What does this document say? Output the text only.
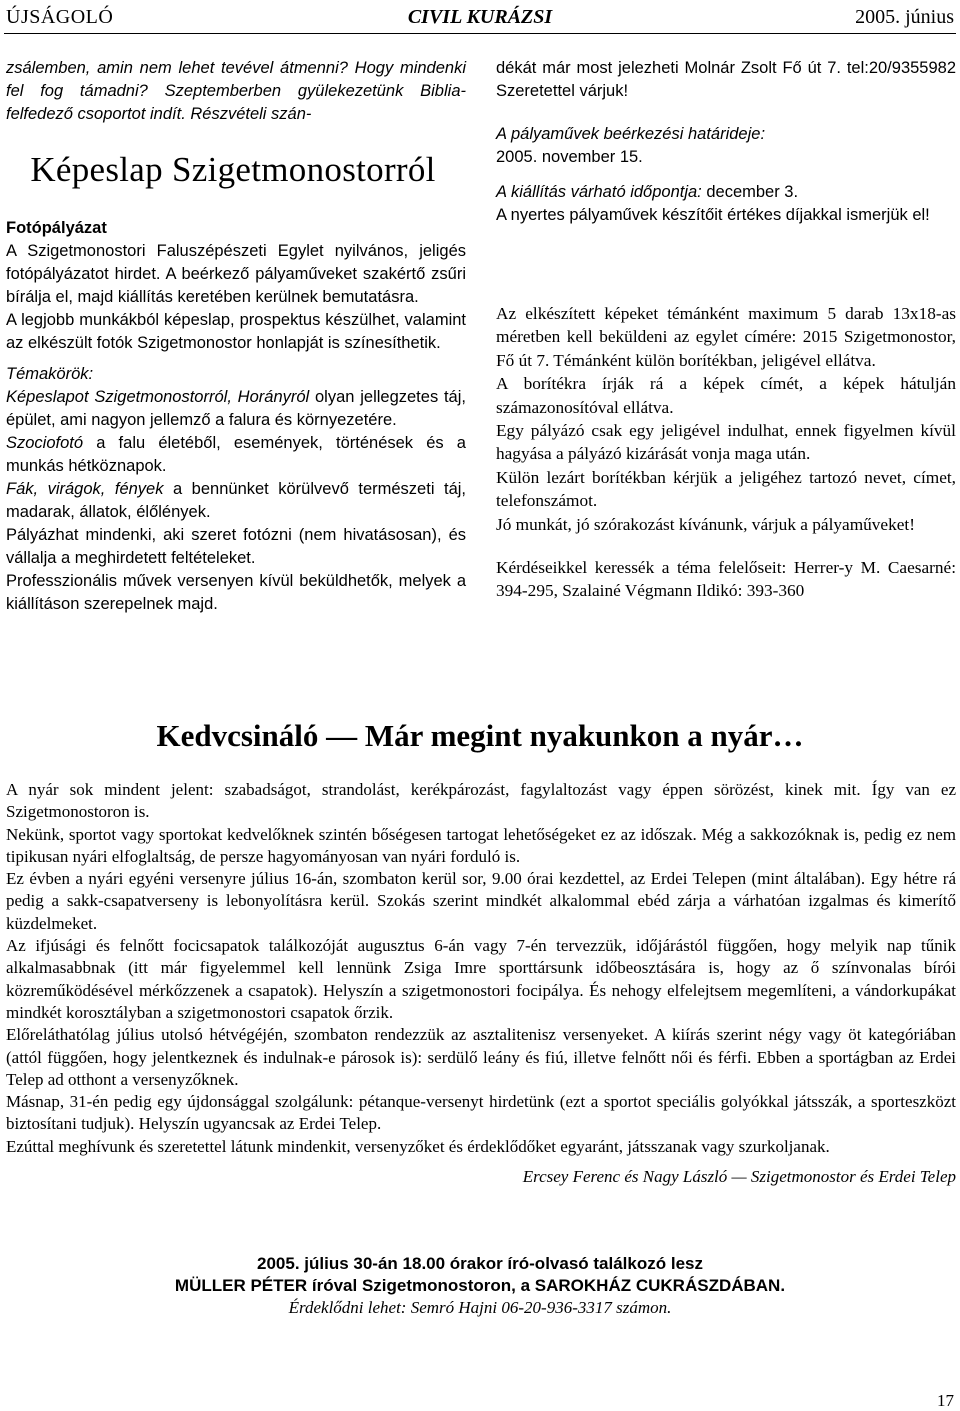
ÚJSÁGOLÓ	CIVIL KURÁZSI	2005. június

zsálemben, amin nem lehet tevével átmenni? Hogy mindenki fel fog támadni? Szeptemberben gyülekezetünk Biblia-felfedező csoportot indít. Részvételi szán-

Képeslap Szigetmonostorról

Fotópályázat

A Szigetmonostori Faluszépészeti Egylet nyilvános, jeligés fotópályázatot hirdet. A beérkező pályaműveket szakértő zsűri bírálja el, majd kiállítás keretében kerülnek bemutatásra.

A legjobb munkákból képeslap, prospektus készülhet, valamint az elkészült fotók Szigetmonostor honlapját is színesíthetik.

Témakörök:

Képeslapot Szigetmonostorról, Horányról olyan jellegzetes táj, épület, ami nagyon jellemző a falura és környezetére.

Szociofotó a falu életéből, események, történések és a munkás hétköznapok.

Fák, virágok, fények a bennünket körülvevő természeti táj, madarak, állatok, élőlények.

Pályázhat mindenki, aki szeret fotózni (nem hivatásosan), és vállalja a meghirdetett feltételeket.

Professzionális művek versenyen kívül beküldhetők, melyek a kiállításon szerepelnek majd.

dékát már most jelezheti Molnár Zsolt Fő út 7. tel:20/9355982 Szeretettel várjuk!

A pályaművek beérkezési határideje:

2005. november 15.

A kiállítás várható időpontja: december 3.

A nyertes pályaművek készítőit értékes díjakkal ismerjük el!

Az elkészített képeket témánként maximum 5 darab 13x18-as méretben kell beküldeni az egylet címére: 2015 Szigetmonostor, Fő út 7. Témánként külön borítékban, jeligével ellátva.

A borítékra írják rá a képek címét, a képek hátulján számazonosítóval ellátva.

Egy pályázó csak egy jeligével indulhat, ennek figyelmen kívül hagyása a pályázó kizárását vonja maga után.

Külön lezárt borítékban kérjük a jeligéhez tartozó nevet, címet, telefonszámot.

Jó munkát, jó szórakozást kívánunk, várjuk a pályaműveket!

Kérdéseikkel keressék a téma felelőseit: Herrer-y M. Caesarné: 394-295, Szalainé Végmann Ildikó: 393-360

Kedvcsináló — Már megint nyakunkon a nyár…

A nyár sok mindent jelent: szabadságot, strandolást, kerékpározást, fagylaltozást vagy éppen sörözést, kinek mit. Így van ez Szigetmonostoron is.

Nekünk, sportot vagy sportokat kedvelőknek szintén bőségesen tartogat lehetőségeket ez az időszak. Még a sakkozóknak is, pedig ez nem tipikusan nyári elfoglaltság, de persze hagyományosan van nyári forduló is.

Ez évben a nyári egyéni versenyre július 16-án, szombaton kerül sor, 9.00 órai kezdettel, az Erdei Telepen (mint általában). Egy hétre rá pedig a sakk-csapatverseny is lebonyolításra kerül. Szokás szerint mindkét alkalommal ebéd zárja a várhatóan izgalmas és kimerítő küzdelmeket.

Az ifjúsági és felnőtt focicsapatok találkozóját augusztus 6-án vagy 7-én tervezzük, időjárástól függően, hogy melyik nap tűnik alkalmasabbnak (itt már figyelemmel kell lennünk Zsiga Imre sporttársunk időbeosztására is, hogy az ő színvonalas bírói közreműködésével mérkőzzenek a csapatok). Helyszín a szigetmonostori focipálya. És nehogy elfelejtsem megemlíteni, a vándorkupákat mindkét korosztályban a szigetmonostori csapatok őrzik.

Előreláthatólag július utolsó hétvégéjén, szombaton rendezzük az asztalitenisz versenyeket. A kiírás szerint négy vagy öt kategóriában (attól függően, hogy jelentkeznek és indulnak-e párosok is): serdülő leány és fiú, illetve felnőtt női és férfi. Ebben a sportágban az Erdei Telep ad otthont a versenyzőknek.

Másnap, 31-én pedig egy újdonsággal szolgálunk: pétanque-versenyt hirdetünk (ezt a sportot speciális golyókkal játsszák, a sporteszközt biztosítani tudjuk). Helyszín ugyancsak az Erdei Telep.

Ezúttal meghívunk és szeretettel látunk mindenkit, versenyzőket és érdeklődőket egyaránt, játsszanak vagy szurkoljanak.

Ercsey Ferenc és Nagy László — Szigetmonostor és Erdei Telep

2005. július 30-án 18.00 órakor író-olvasó találkozó lesz
MÜLLER PÉTER íróval Szigetmonostoron, a SAROKHÁZ CUKRÁSZDÁBAN.
Érdeklődni lehet: Semró Hajni 06-20-936-3317 számon.
17
